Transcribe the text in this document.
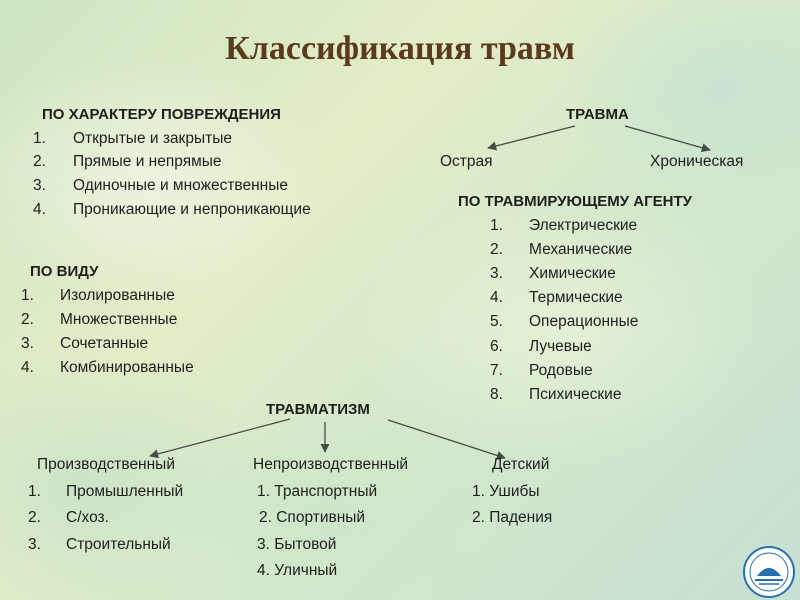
Классификация травм
ПО ХАРАКТЕРУ ПОВРЕЖДЕНИЯ
1. Открытые и закрытые
2. Прямые и непрямые
3. Одиночные и множественные
4. Проникающие и непроникающие
ТРАВМА
Острая	Хроническая
ПО ТРАВМИРУЮЩЕМУ АГЕНТУ
1. Электрические
2. Механические
3. Химические
4. Термические
5. Операционные
6. Лучевые
7. Родовые
8. Психические
ПО ВИДУ
1. Изолированные
2. Множественные
3. Сочетанные
4. Комбинированные
ТРАВМАТИЗМ
Производственный	Непроизводственный	Детский
1. Промышленный
2. С/хоз.
3. Строительный
1. Транспортный
2. Спортивный
3. Бытовой
4. Уличный
1. Ушибы
2. Падения
